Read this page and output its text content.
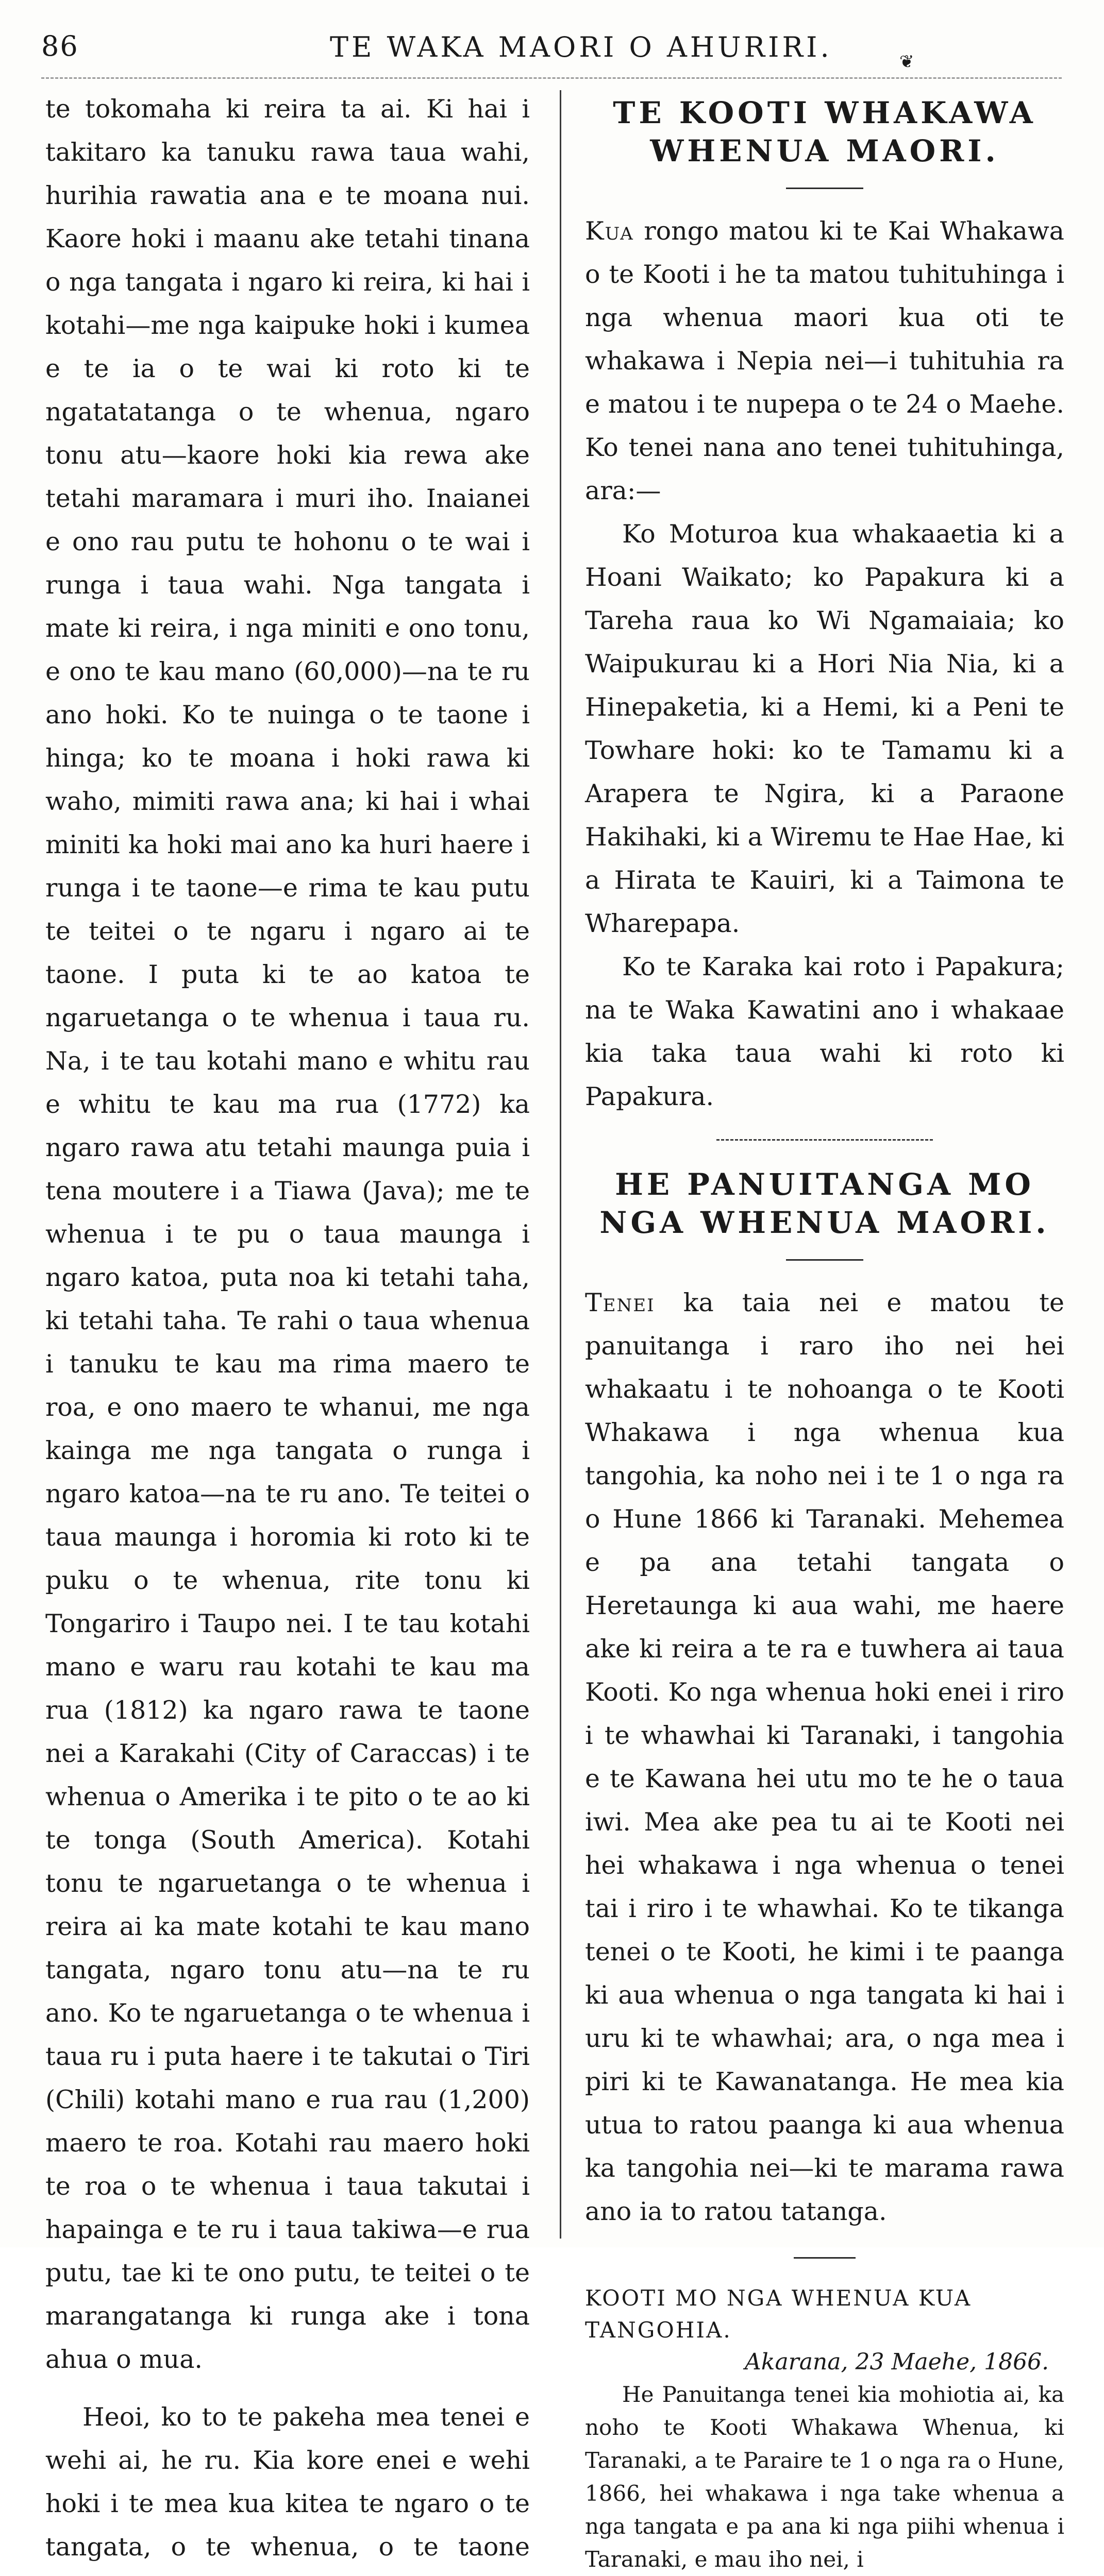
86	TE WAKA MAORI O AHURIRI.	❦

te tokomaha ki reira ta ai. Ki hai i takitaro ka tanuku rawa taua wahi, hurihia rawatia ana e te moana nui. Kaore hoki i maanu ake tetahi tinana o nga tangata i ngaro ki reira, ki hai i kotahi—me nga kaipuke hoki i kumea e te ia o te wai ki roto ki te ngatatatanga o te whenua, ngaro tonu atu—kaore hoki kia rewa ake tetahi maramara i muri iho. Inaianei e ono rau putu te hohonu o te wai i runga i taua wahi. Nga tangata i mate ki reira, i nga miniti e ono tonu, e ono te kau mano (60,000)—na te ru ano hoki. Ko te nuinga o te taone i hinga; ko te moana i hoki rawa ki waho, mimiti rawa ana; ki hai i whai miniti ka hoki mai ano ka huri haere i runga i te taone—e rima te kau putu te teitei o te ngaru i ngaro ai te taone. I puta ki te ao katoa te ngaruetanga o te whenua i taua ru. Na, i te tau kotahi mano e whitu rau e whitu te kau ma rua (1772) ka ngaro rawa atu tetahi maunga puia i tena moutere i a Tiawa (Java); me te whenua i te pu o taua maunga i ngaro katoa, puta noa ki tetahi taha, ki tetahi taha. Te rahi o taua whenua i tanuku te kau ma rima maero te roa, e ono maero te whanui, me nga kainga me nga tangata o runga i ngaro katoa—na te ru ano. Te teitei o taua maunga i horomia ki roto ki te puku o te whenua, rite tonu ki Tongariro i Taupo nei. I te tau kotahi mano e waru rau kotahi te kau ma rua (1812) ka ngaro rawa te taone nei a Karakahi (City of Caraccas) i te whenua o Amerika i te pito o te ao ki te tonga (South America). Kotahi tonu te ngaruetanga o te whenua i reira ai ka mate kotahi te kau mano tangata, ngaro tonu atu—na te ru ano. Ko te ngaruetanga o te whenua i taua ru i puta haere i te takutai o Tiri (Chili) kotahi mano e rua rau (1,200) maero te roa. Kotahi rau maero hoki te roa o te whenua i taua takutai i hapainga e te ru i taua takiwa—e rua putu, tae ki te ono putu, te teitei o te marangatanga ki runga ake i tona ahua o mua.

Heoi, ko to te pakeha mea tenei e wehi ai, he ru. Kia kore enei e wehi hoki i te mea kua kitea te ngaro o te tangata, o te whenua, o te taone

TE KOOTI WHAKAWA WHENUA MAORI.

Kua rongo matou ki te Kai Whakawa o te Kooti i he ta matou tuhituhinga i nga whenua maori kua oti te whakawa i Nepia nei—i tuhituhia ra e matou i te nupepa o te 24 o Maehe. Ko tenei nana ano tenei tuhituhinga, ara:—

Ko Moturoa kua whakaaetia ki a Hoani Waikato; ko Papakura ki a Tareha raua ko Wi Ngamaiaia; ko Waipukurau ki a Hori Nia Nia, ki a Hinepaketia, ki a Hemi, ki a Peni te Towhare hoki: ko te Tamamu ki a Arapera te Ngira, ki a Paraone Hakihaki, ki a Wiremu te Hae Hae, ki a Hirata te Kauiri, ki a Taimona te Wharepapa.

Ko te Karaka kai roto i Papakura; na te Waka Kawatini ano i whakaae kia taka taua wahi ki roto ki Papakura.

HE PANUITANGA MO NGA WHENUA MAORI.

Tenei ka taia nei e matou te panuitanga i raro iho nei hei whakaatu i te nohoanga o te Kooti Whakawa i nga whenua kua tangohia, ka noho nei i te 1 o nga ra o Hune 1866 ki Taranaki. Mehemea e pa ana tetahi tangata o Heretaunga ki aua wahi, me haere ake ki reira a te ra e tuwhera ai taua Kooti. Ko nga whenua hoki enei i riro i te whawhai ki Taranaki, i tangohia e te Kawana hei utu mo te he o taua iwi. Mea ake pea tu ai te Kooti nei hei whakawa i nga whenua o tenei tai i riro i te whawhai. Ko te tikanga tenei o te Kooti, he kimi i te paanga ki aua whenua o nga tangata ki hai i uru ki te whawhai; ara, o nga mea i piri ki te Kawanatanga. He mea kia utua to ratou paanga ki aua whenua ka tangohia nei—ki te marama rawa ano ia to ratou tatanga.

KOOTI MO NGA WHENUA KUA TANGOHIA.

Akarana, 23 Maehe, 1866.

He Panuitanga tenei kia mohiotia ai, ka noho te Kooti Whakawa Whenua, ki Taranaki, a te Paraire te 1 o nga ra o Hune, 1866, hei whakawa i nga take whenua a nga tangata e pa ana ki nga piihi whenua i Taranaki, e mau iho nei, i
